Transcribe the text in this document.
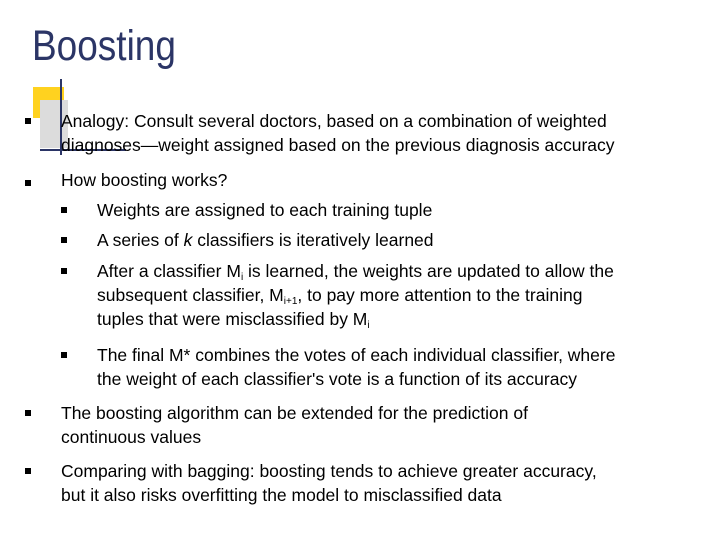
Boosting
Analogy: Consult several doctors, based on a combination of weighted
diagnoses—weight assigned based on the previous diagnosis accuracy
How boosting works?
Weights are assigned to each training tuple
A series of k classifiers is iteratively learned
After a classifier $M_i$ is learned, the weights are updated to allow the
subsequent classifier, $M_{i+1}$, to pay more attention to the training
tuples that were misclassified by $M_i$
The final M* combines the votes of each individual classifier, where
the weight of each classifier's vote is a function of its accuracy
The boosting algorithm can be extended for the prediction of
continuous values
Comparing with bagging: boosting tends to achieve greater accuracy,
but it also risks overfitting the model to misclassified data
